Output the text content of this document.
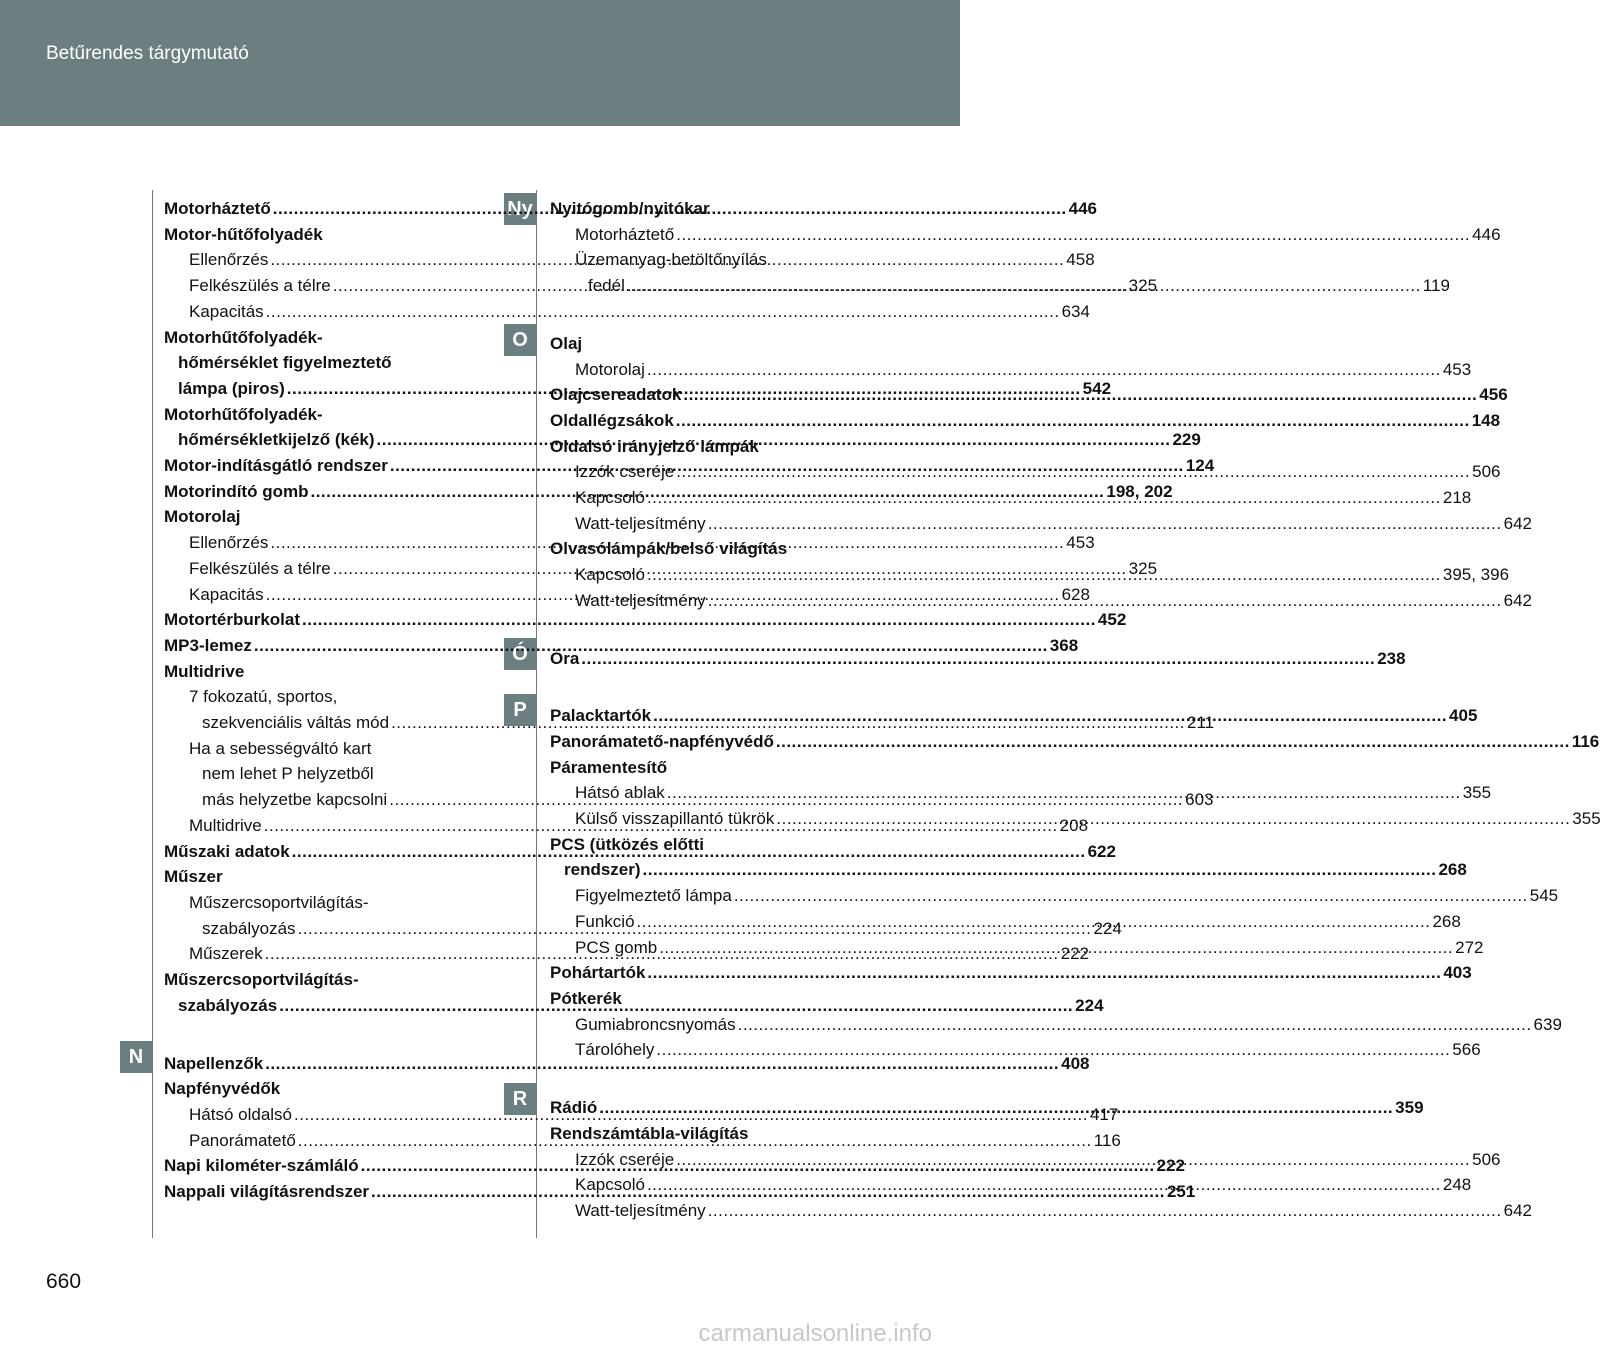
Betűrendes tárgymutató
N
Ny
O
Ó
P
R
Motorháztető .....	446
Motor-hűtőfolyadék
Ellenőrzés .....	458
Felkészülés a télre .....	325
Kapacitás .....	634
Motorhűtőfolyadék-
hőmérséklet figyelmeztető
lámpa (piros) .....	542
Motorhűtőfolyadék-
hőmérsékletkijelző (kék) .....	229
Motor-indításgátló rendszer .....	124
Motorindító gomb .....	198, 202
Motorolaj
Ellenőrzés .....	453
Felkészülés a télre .....	325
Kapacitás .....	628
Motortérburkolat .....	452
MP3-lemez .....	368
Multidrive
7 fokozatú, sportos,
szekvenciális váltás mód .....	211
Ha a sebességváltó kart
nem lehet P helyzetből
más helyzetbe kapcsolni .....	603
Multidrive .....	208
Műszaki adatok .....	622
Műszer
Műszercsoportvilágítás-
szabályozás .....	224
Műszerek .....	222
Műszercsoportvilágítás-
szabályozás .....	224
Napellenzők .....	408
Napfényvédők
Hátsó oldalsó .....	417
Panorámatető .....	116
Napi kilométer-számláló .....	222
Nappali világításrendszer .....	251
Nyitógomb/nyitókar
Motorháztető .....	446
Üzemanyag-betöltőnyílás
fedél .....	119
Olaj
Motorolaj .....	453
Olajcsereadatok .....	456
Oldallégzsákok .....	148
Oldalsó irányjelző lámpák
Izzók cseréje .....	506
Kapcsoló .....	218
Watt-teljesítmény .....	642
Olvasólámpák/belső világítás
Kapcsoló .....	395, 396
Watt-teljesítmény .....	642
Óra .....	238
Palacktartók .....	405
Panorámatető-napfényvédő .....	116
Páramentesítő
Hátsó ablak .....	355
Külső visszapillantó tükrök .....	355
PCS (ütközés előtti
rendszer) .....	268
Figyelmeztető lámpa .....	545
Funkció .....	268
PCS gomb .....	272
Pohártartók .....	403
Pótkerék
Gumiabroncsnyomás .....	639
Tárolóhely .....	566
Rádió .....	359
Rendszámtábla-világítás
Izzók cseréje .....	506
Kapcsoló .....	248
Watt-teljesítmény .....	642
660
carmanualsonline.info
